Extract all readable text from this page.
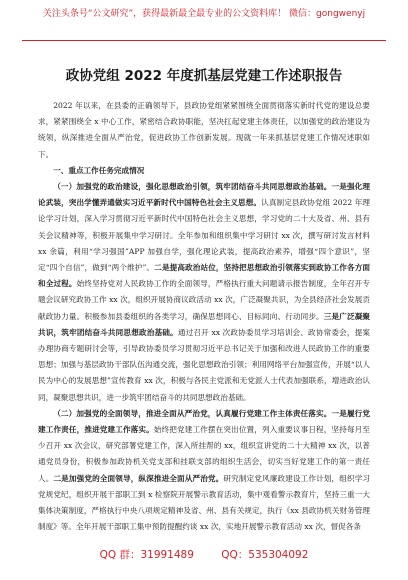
关注头条号“公文研究”，获得最新最全最专业的公文资料库！ 微信：gongwenyj
政协党组 2022 年度抓基层党建工作述职报告

2022 年以来，在县委的正确领导下，县政协党组紧紧围绕全面贯彻落实新时代党的建设总要求，紧紧围绕全 x 中心工作，紧密结合政协职能，坚决扛起党建主体责任，以加强党的政治建设为统领，纵深推进全面从严治党，促进政协工作创新发展。现就一年来抓基层党建工作情况述职如下。

一、重点工作任务完成情况

（一）加强党的政治建设，强化思想政治引领，筑牢团结奋斗共同思想政治基础。一是强化理论武装，突出学懂弄通做实习近平新时代中国特色社会主义思想。认真制定县政协党组 2022 年理论学习计划，深入学习贯彻习近平新时代中国特色社会主义思想，学习党的二十大及省、州、县有关会议精神等，积极开展集中学习研讨。全年参加和组织集中学习研讨 xx 次，撰写研讨发言材料 xx 余篇，利用“学习强国”APP 加强自学，强化理论武装，提高政治素养，增强“四个意识”，坚定“四个自信”，做到“两个维护”。二是提高政治站位，坚持把思想政治引领落实到政协工作各方面和全过程。始终坚持党对人民政协工作的全面领导，严格执行重大问题请示报告制度，全年召开专题会议研究政协工作 xx 次，组织开展协商议政活动 xx 次，广泛凝聚共识，为全县经济社会发展贡献政协力量。积极参加县委组织的各类学习，确保思想同心、目标同向、行动同步。三是广泛凝聚共识，筑牢团结奋斗共同思想政治基础。通过召开 xx 次政协委员学习培训会、政协常委会，提案办理协商专题研讨会等，引导政协委员学习贯彻习近平总书记关于加强和改进人民政协工作的重要思想；加强与基层政协干部队伍沟通交流，强化思想政治引领；利用网络平台加强宣传，开展“以人民为中心的发展思想”宣传教育 xx 次，积极与各民主党派和无党派人士代表加强联系，增进政治认同，凝聚思想共识，进一步筑牢团结奋斗的共同思想政治基础。

（二）加强党的全面领导，推进全面从严治党，认真履行党建工作主体责任落实。一是履行党建工作责任，推进党建工作落实。始终把党建工作摆在突出位置，列入重要议事日程，坚持每月至少召开 xx 次会议，研究部署党建工作，深入所挂帮的 xx，组织宣讲党的二十大精神 xx 次，以普通党员身份，积极参加政协机关党支部和挂联支部的组织生活会，切实当好党建工作的第一责任人。二是加强党的全面领导，纵深推进全面从严治党。研究制定党风廉政建设工作计划，组织学习党规党纪，组织开展干部职工到 x 检察院开展警示教育活动，集中观看警示教育片，坚持三重一大集体决策制度，严格执行中央八项规定精神及省、州、县有关规定，执行《xx 县政协机关财务管理制度》等。全年开展干部职工集中预防提醒约谈 xx 次，实地开展警示教育活动 xx 次，督促各条

QQ 群：31991489	QQ：535304092
